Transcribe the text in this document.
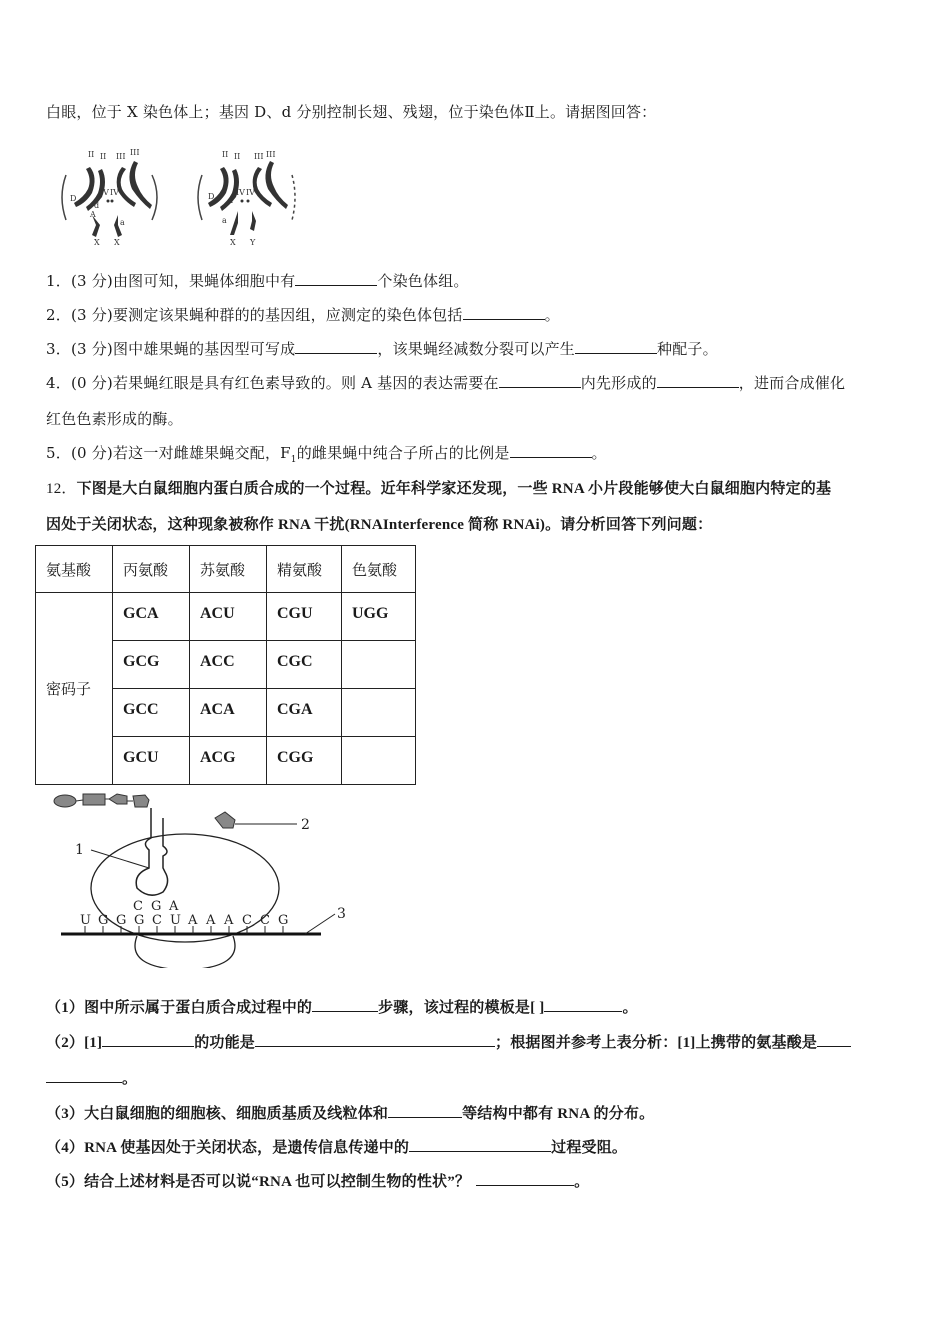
白眼，位于 X 染色体上；基因 D、d 分别控制长翅、残翅，位于染色体Ⅱ上。请据图回答：
II II III III
IV IV
D
d
A
a
X X
II II III III
IV IV
D d
a
X Y
1．(3 分)由图可知，果蝇体细胞中有	个染色体组。
2．(3 分)要测定该果蝇种群的的基因组，应测定的染色体包括	。
3．(3 分)图中雄果蝇的基因型可写成	，该果蝇经减数分裂可以产生	种配子。
4．(0 分)若果蝇红眼是具有红色素导致的。则 A 基因的表达需要在	内先形成的	，进而合成催化
红色色素形成的酶。
5．(0 分)若这一对雌雄果蝇交配，$F_1$的雌果蝇中纯合子所占的比例是	。
12．下图是大白鼠细胞内蛋白质合成的一个过程。近年科学家还发现，一些 RNA 小片段能够使大白鼠细胞内特定的基
因处于关闭状态，这种现象被称作 RNA 干扰(RNAInterference 简称 RNAi)。请分析回答下列问题：
氨基酸	丙氨酸	苏氨酸	精氨酸	色氨酸
密码子	GCA	ACU	CGU	UGG
	GCG	ACC	CGC	
	GCC	ACA	CGA	
	GCU	ACG	CGG	
2
1
C G A	3
U G G G C U A A A C C G
（1）图中所示属于蛋白质合成过程中的	步骤，该过程的模板是[ ]	。
（2）[1]	的功能是	；根据图并参考上表分析：[1]上携带的氨基酸是
。
（3）大白鼠细胞的细胞核、细胞质基质及线粒体和	等结构中都有 RNA 的分布。
（4）RNA 使基因处于关闭状态，是遗传信息传递中的	过程受阻。
（5）结合上述材料是否可以说“RNA 也可以控制生物的性状”？	。
